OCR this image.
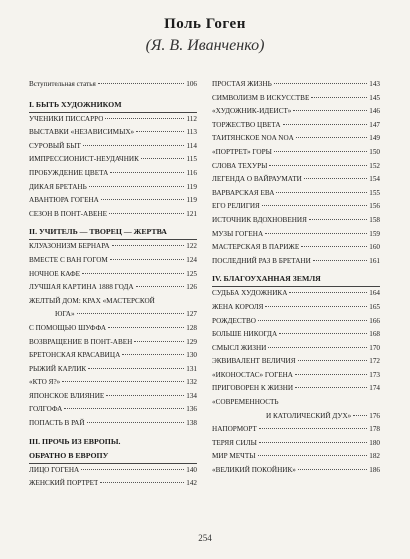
Поль Гоген
(Я. В. Иванченко)
Вступительная статья	106
I. БЫТЬ ХУДОЖНИКОМ
УЧЕНИКИ ПИССАРРО	112
ВЫСТАВКИ «НЕЗАВИСИМЫХ»	113
СУРОВЫЙ БЫТ	114
ИМПРЕССИОНИСТ-НЕУДАЧНИК	115
ПРОБУЖДЕНИЕ ЦВЕТА	116
ДИКАЯ БРЕТАНЬ	119
АВАНТЮРА ГОГЕНА	119
СЕЗОН В ПОНТ-АВЕНЕ	121
II. УЧИТЕЛЬ — ТВОРЕЦ — ЖЕРТВА
КЛУАЗОНИЗМ БЕРНАРА	122
ВМЕСТЕ С ВАН ГОГОМ	124
НОЧНОЕ КАФЕ	125
ЛУЧШАЯ КАРТИНА 1888 ГОДА	126
ЖЕЛТЫЙ ДОМ: КРАХ «МАСТЕРСКОЙ
ЮГА»	127
С ПОМОЩЬЮ ШУФФА	128
ВОЗВРАЩЕНИЕ В ПОНТ-АВЕН	129
БРЕТОНСКАЯ КРАСАВИЦА	130
РЫЖИЙ КАРЛИК	131
«КТО Я?»	132
ЯПОНСКОЕ ВЛИЯНИЕ	134
ГОЛГОФА	136
ПОПАСТЬ В РАЙ	138
III. ПРОЧЬ ИЗ ЕВРОПЫ.
ОБРАТНО В ЕВРОПУ
ЛИЦО ГОГЕНА	140
ЖЕНСКИЙ ПОРТРЕТ	142
ПРОСТАЯ ЖИЗНЬ	143
СИМВОЛИЗМ В ИСКУССТВЕ	145
«ХУДОЖНИК-ИДЕИСТ»	146
ТОРЖЕСТВО ЦВЕТА	147
ТАИТЯНСКОЕ NOA NOA	149
«ПОРТРЕТ» ГОРЫ	150
СЛОВА ТЕХУРЫ	152
ЛЕГЕНДА О ВАЙРАУМАТИ	154
ВАРВАРСКАЯ ЕВА	155
ЕГО РЕЛИГИЯ	156
ИСТОЧНИК ВДОХНОВЕНИЯ	158
МУЗЫ ГОГЕНА	159
МАСТЕРСКАЯ В ПАРИЖЕ	160
ПОСЛЕДНИЙ РАЗ В БРЕТАНИ	161
IV. БЛАГОУХАННАЯ ЗЕМЛЯ
СУДЬБА ХУДОЖНИКА	164
ЖЕНА КОРОЛЯ	165
РОЖДЕСТВО	166
БОЛЬШЕ НИКОГДА	168
СМЫСЛ ЖИЗНИ	170
ЭКВИВАЛЕНТ ВЕЛИЧИЯ	172
«ИКОНОСТАС» ГОГЕНА	173
ПРИГОВОРЕН К ЖИЗНИ	174
«СОВРЕМЕННОСТЬ
И КАТОЛИЧЕСКИЙ ДУХ» 176
НАПОРМОРТ	178
ТЕРЯЯ СИЛЫ	180
МИР МЕЧТЫ	182
«ВЕЛИКИЙ ПОКОЙНИК»	186
254
